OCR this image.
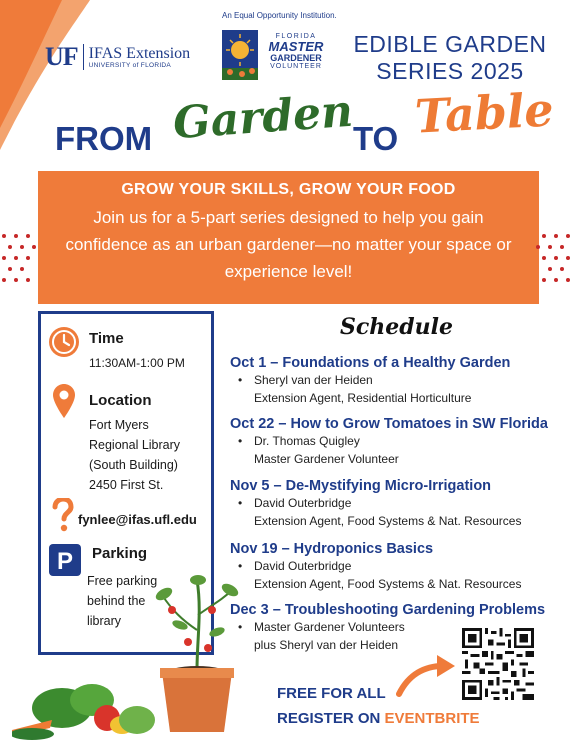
An Equal Opportunity Institution.
UF IFAS Extension
UNIVERSITY of FLORIDA
FLORIDA
MASTER
GARDENER
VOLUNTEER
EDIBLE GARDEN
SERIES 2025
FROM Garden
TO Table
GROW YOUR SKILLS, GROW YOUR FOOD
Join us for a 5-part series designed to help you gain confidence as an urban gardener—no matter your space or experience level!
Time
11:30AM-1:00 PM
Location
Fort Myers
Regional Library
(South Building)
2450 First St.
fynlee@ifas.ufl.edu
P Parking
Free parking
behind the
library
Schedule
Oct 1 – Foundations of a Healthy Garden
• Sheryl van der Heiden
Extension Agent, Residential Horticulture
Oct 22 – How to Grow Tomatoes in SW Florida
• Dr. Thomas Quigley
Master Gardener Volunteer
Nov 5 – De-Mystifying Micro-Irrigation
• David Outerbridge
Extension Agent, Food Systems & Nat. Resources
Nov 19 – Hydroponics Basics
• David Outerbridge
Extension Agent, Food Systems & Nat. Resources
Dec 3 – Troubleshooting Gardening Problems
• Master Gardener Volunteers
plus Sheryl van der Heiden
FREE FOR ALL
REGISTER ON EVENTBRITE
